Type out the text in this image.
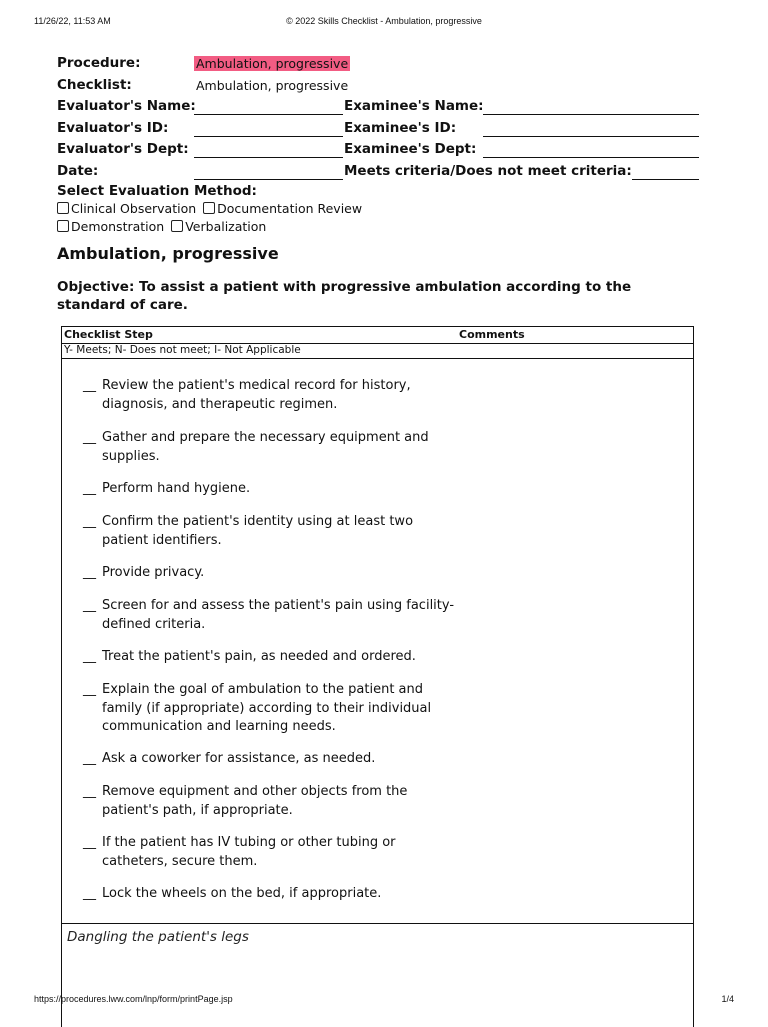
11/26/22, 11:53 AM	© 2022 Skills Checklist - Ambulation, progressive
Procedure:	Ambulation, progressive
Checklist:	Ambulation, progressive
Evaluator's Name:	Examinee's Name:
Evaluator's ID:	Examinee's ID:
Evaluator's Dept:	Examinee's Dept:
Date:	Meets criteria/Does not meet criteria:
Select Evaluation Method:
Clinical Observation Documentation Review
Demonstration Verbalization
Ambulation, progressive
Objective: To assist a patient with progressive ambulation according to the standard of care.
Checklist Step	Comments
Y- Meets; N- Does not meet; I- Not Applicable
__ Review the patient's medical record for history, diagnosis, and therapeutic regimen.
__ Gather and prepare the necessary equipment and supplies.
__ Perform hand hygiene.
__ Confirm the patient's identity using at least two patient identifiers.
__ Provide privacy.
__ Screen for and assess the patient's pain using facility-defined criteria.
__ Treat the patient's pain, as needed and ordered.
__ Explain the goal of ambulation to the patient and family (if appropriate) according to their individual communication and learning needs.
__ Ask a coworker for assistance, as needed.
__ Remove equipment and other objects from the patient's path, if appropriate.
__ If the patient has IV tubing or other tubing or catheters, secure them.
__ Lock the wheels on the bed, if appropriate.
Dangling the patient's legs
https://procedures.lww.com/lnp/form/printPage.jsp	1/4
